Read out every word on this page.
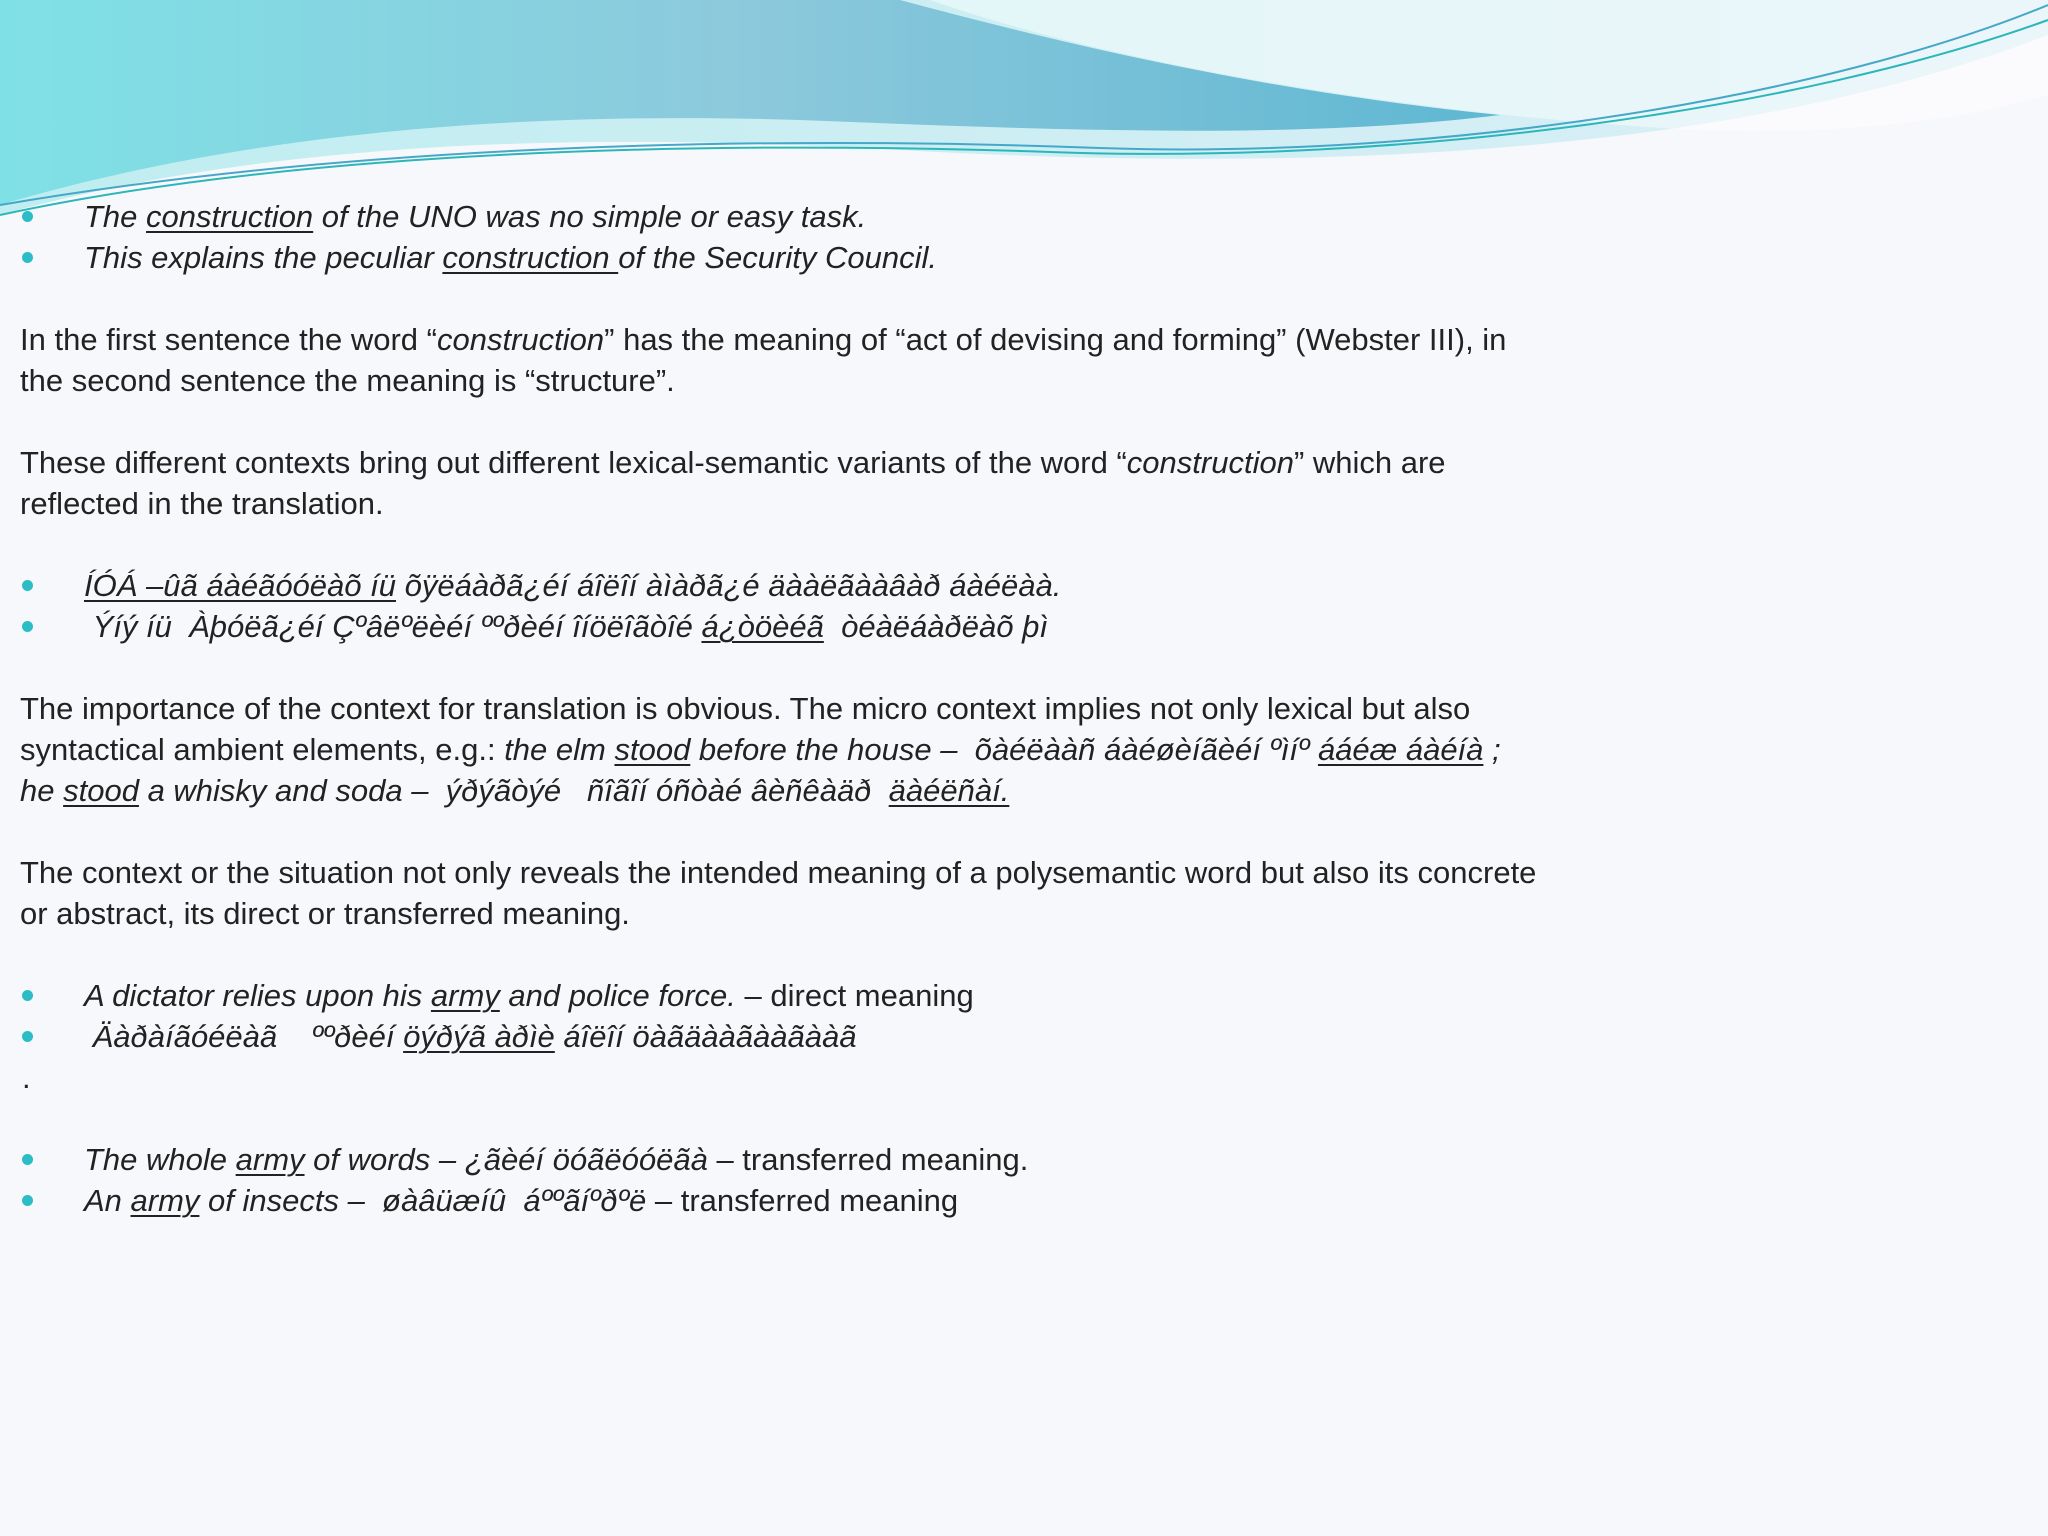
The construction of the UNO was no simple or easy task.

This explains the peculiar construction of the Security Council.

In the first sentence the word “construction” has the meaning of “act of devising and forming” (Webster III), in

the second sentence the meaning is “structure”.

These different contexts bring out different lexical-semantic variants of the word “construction” which are

reflected in the translation.

ÍÓÁ –ûã áàéãóóëàõ íü õÿëáàðã¿éí áîëîí àìàðã¿é äààëãààâàð áàéëàà.

Ýíý íü  Àþóëã¿éí Çºâëºëèéí ººðèéí îíöëîãòîé á¿òöèéã  òéàëáàðëàõ þì

The importance of the context for translation is obvious. The micro context implies not only lexical but also

syntactical ambient elements, e.g.: the elm stood before the house –  õàéëààñ áàéøèíãèéí ºìíº ááéæ áàéíà ;

he stood a whisky and soda –  ýðýãòýé   ñîãîí óñòàé âèñêàäð  äàéëñàí.

The context or the situation not only reveals the intended meaning of a polysemantic word but also its concrete

or abstract, its direct or transferred meaning.

A dictator relies upon his army and police force. – direct meaning

Äàðàíãóéëàã    ººðèéí öýðýã àðìè áîëîí öàãäààãààãààã

.

The whole army of words – ¿ãèéí öóãëóóëãà – transferred meaning.

An army of insects –  øàâüæíû  áººãíºðºë – transferred meaning
